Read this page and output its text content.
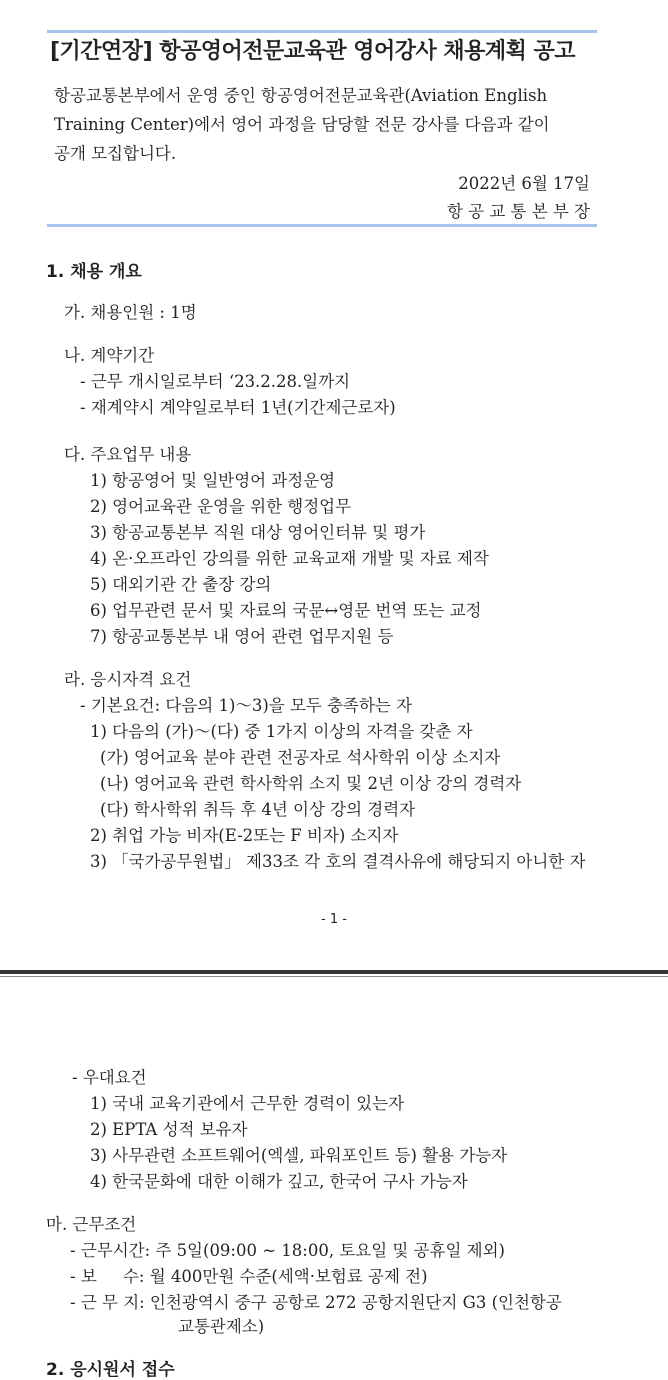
[기간연장] 항공영어전문교육관 영어강사 채용계획 공고
항공교통본부에서 운영 중인 항공영어전문교육관(Aviation English
Training Center)에서 영어 과정을 담당할 전문 강사를 다음과 같이
공개 모집합니다.
2022년 6월 17일
항 공 교 통 본 부 장
1. 채용 개요
가. 채용인원 : 1명
나. 계약기간
- 근무 개시일로부터 ‘23.2.28.일까지
- 재계약시 계약일로부터 1년(기간제근로자)
다. 주요업무 내용
1) 항공영어 및 일반영어 과정운영
2) 영어교육관 운영을 위한 행정업무
3) 항공교통본부 직원 대상 영어인터뷰 및 평가
4) 온·오프라인 강의를 위한 교육교재 개발 및 자료 제작
5) 대외기관 간 출장 강의
6) 업무관련 문서 및 자료의 국문↔영문 번역 또는 교정
7) 항공교통본부 내 영어 관련 업무지원 등
라. 응시자격 요건
- 기본요건: 다음의 1)～3)을 모두 충족하는 자
1) 다음의 (가)～(다) 중 1가지 이상의 자격을 갖춘 자
(가) 영어교육 분야 관련 전공자로 석사학위 이상 소지자
(나) 영어교육 관련 학사학위 소지 및 2년 이상 강의 경력자
(다) 학사학위 취득 후 4년 이상 강의 경력자
2) 취업 가능 비자(E-2또는 F 비자) 소지자
3) 「국가공무원법」 제33조 각 호의 결격사유에 해당되지 아니한 자
- 1 -
- 우대요건
1) 국내 교육기관에서 근무한 경력이 있는자
2) EPTA 성적 보유자
3) 사무관련 소프트웨어(엑셀, 파워포인트 등) 활용 가능자
4) 한국문화에 대한 이해가 깊고, 한국어 구사 가능자
마. 근무조건
- 근무시간: 주 5일(09:00 ~ 18:00, 토요일 및 공휴일 제외)
- 보     수: 월 400만원 수준(세액·보험료 공제 전)
- 근 무 지: 인천광역시 중구 공항로 272 공항지원단지 G3 (인천항공
교통관제소)
2. 응시원서 접수
